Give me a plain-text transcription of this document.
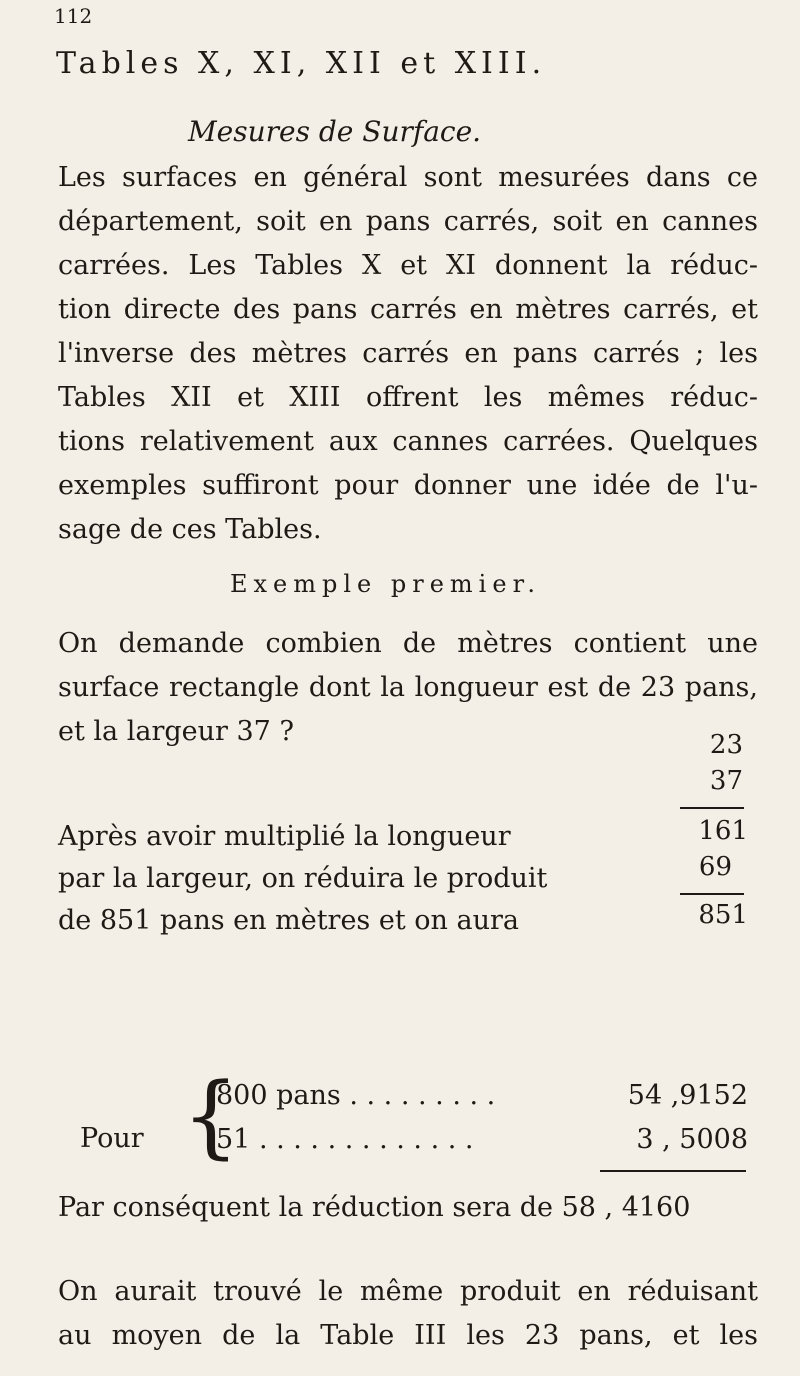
112
Tables X, XI, XII et XIII.
Mesures de Surface.
Les surfaces en général sont mesurées dans ce
département, soit en pans carrés, soit en cannes
carrées. Les Tables X et XI donnent la réduc-
tion directe des pans carrés en mètres carrés, et
l'inverse des mètres carrés en pans carrés ; les
Tables XII et XIII offrent les mêmes réduc-
tions relativement aux cannes carrées. Quelques
exemples suffiront pour donner une idée de l'u-
sage de ces Tables.
Exemple premier.
On demande combien de mètres contient une
surface rectangle dont la longueur est de 23 pans,
et la largeur 37 ?	23
37
161
69
851
Après avoir multiplié la longueur
par la largeur, on réduira le produit
de 851 pans en mètres et on aura
Pour {
800 pans . . . . . . . . .	54 ,9152
51 . . . . . . . . . . . . .	3 , 5008
Par conséquent la réduction sera de 58 , 4160
On aurait trouvé le même produit en réduisant
au moyen de la Table III les 23 pans, et les
